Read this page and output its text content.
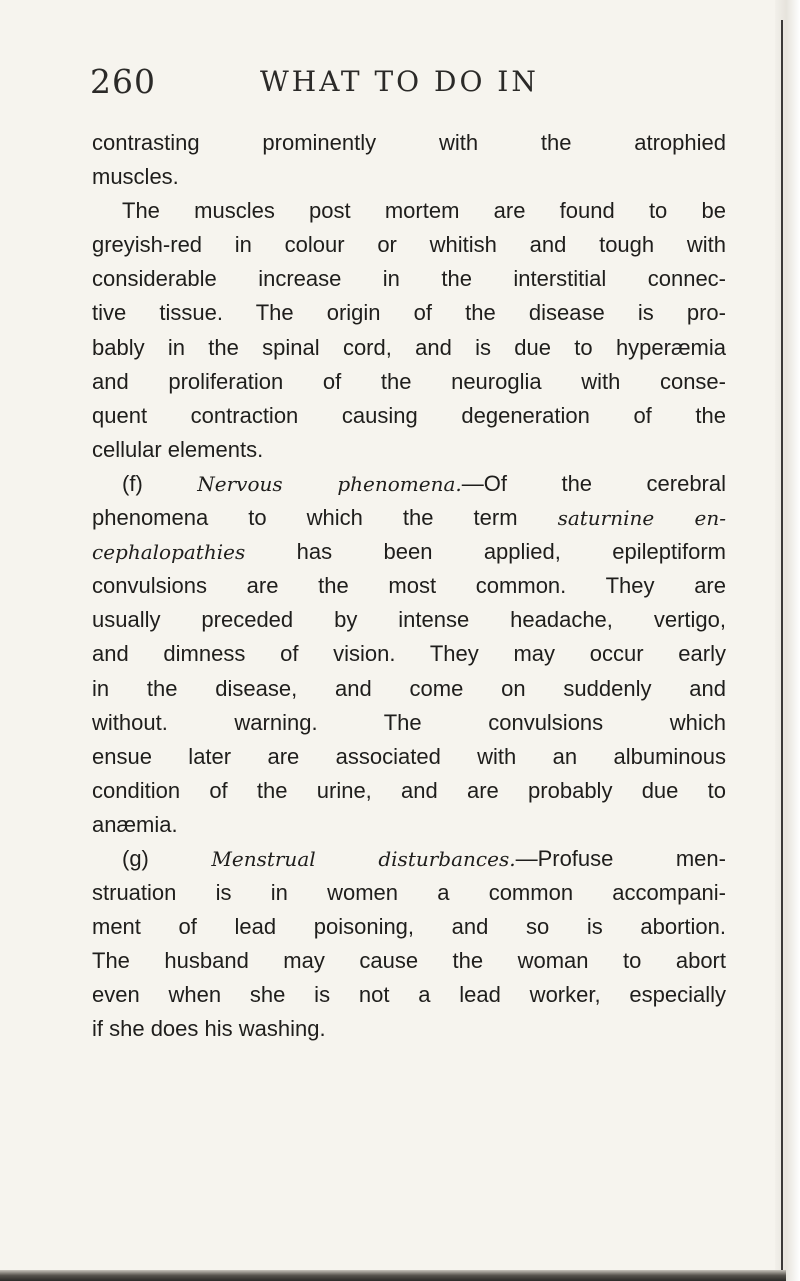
260	WHAT TO DO IN
contrasting prominently with the atrophied
muscles.
The muscles post mortem are found to be
greyish-red in colour or whitish and tough with
considerable increase in the interstitial connec-
tive tissue. The origin of the disease is pro-
bably in the spinal cord, and is due to hyperæmia
and proliferation of the neuroglia with conse-
quent contraction causing degeneration of the
cellular elements.
(f)	Nervous phenomena.—Of the cerebral
phenomena to which the term saturnine en-
cephalopathies has been applied, epileptiform
convulsions are the most common. They are
usually preceded by intense headache, vertigo,
and dimness of vision. They may occur early
in the disease, and come on suddenly and
without. warning. The convulsions which
ensue later are associated with an albuminous
condition of the urine, and are probably due to
anæmia.
(g)	Menstrual disturbances.—Profuse men-
struation is in women a common accompani-
ment of lead poisoning, and so is abortion.
The husband may cause the woman to abort
even when she is not a lead worker, especially
if she does his washing.
